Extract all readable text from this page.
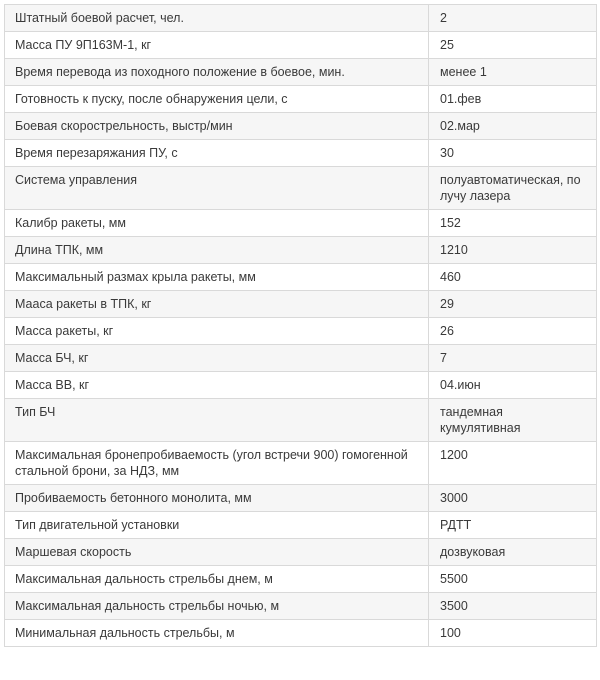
Штатный боевой расчет, чел.	2
Масса ПУ 9П163М-1, кг	25
Время перевода из походного положение в боевое, мин.	менее 1
Готовность к пуску, после обнаружения цели, с	01.фев
Боевая скорострельность, выстр/мин	02.мар
Время перезаряжания ПУ, с	30
Система управления	полуавтоматическая, по лучу лазера
Калибр ракеты, мм	152
Длина ТПК, мм	1210
Максимальный размах крыла ракеты, мм	460
Мааса ракеты в ТПК, кг	29
Масса ракеты, кг	26
Масса БЧ, кг	7
Масса ВВ, кг	04.июн
Тип БЧ	тандемная кумулятивная
Максимальная бронепробиваемость (угол встречи 900) гомогенной стальной брони, за НДЗ, мм	1200
Пробиваемость бетонного монолита, мм	3000
Тип двигательной установки	РДТТ
Маршевая скорость	дозвуковая
Максимальная дальность стрельбы днем, м	5500
Максимальная дальность стрельбы ночью, м	3500
Минимальная дальность стрельбы, м	100
